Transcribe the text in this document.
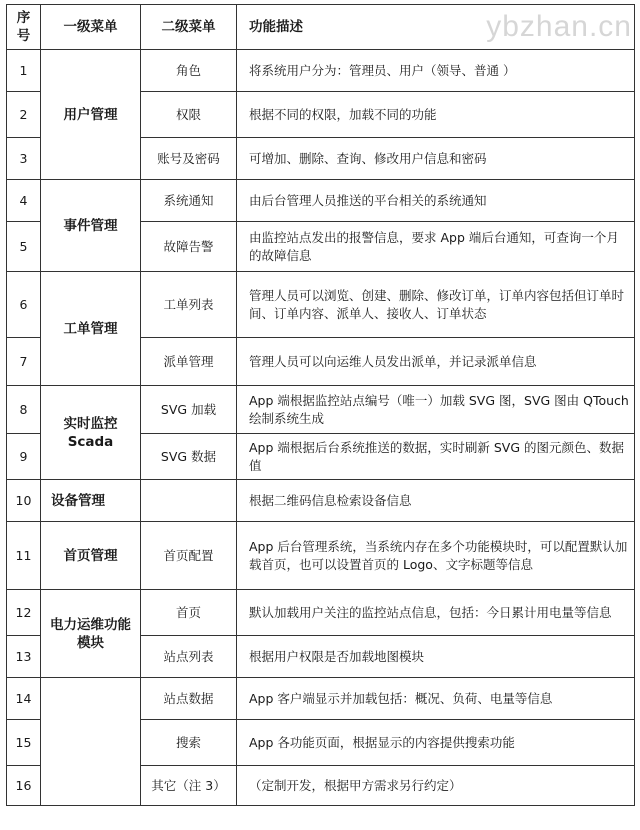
ybzhan.cn
序号	一级菜单	二级菜单	功能描述
1	用户管理	角色	将系统用户分为：管理员、用户（领导、普通 ）
2		权限	根据不同的权限，加载不同的功能
3		账号及密码	可增加、删除、查询、修改用户信息和密码
4	事件管理	系统通知	由后台管理人员推送的平台相关的系统通知
5		故障告警	由监控站点发出的报警信息，要求 App 端后台通知，可查询一个月的故障信息
6	工单管理	工单列表	管理人员可以浏览、创建、删除、修改订单，订单内容包括但订单时间、订单内容、派单人、接收人、订单状态
7		派单管理	管理人员可以向运维人员发出派单，并记录派单信息
8	实时监控 Scada	SVG 加载	App 端根据监控站点编号（唯一）加载 SVG 图，SVG 图由 QTouch 绘制系统生成
9		SVG 数据	App 端根据后台系统推送的数据，实时刷新 SVG 的图元颜色、数据值
10	设备管理		根据二维码信息检索设备信息
11	首页管理	首页配置	App 后台管理系统，当系统内存在多个功能模块时，可以配置默认加载首页，也可以设置首页的 Logo、文字标题等信息
12	电力运维功能模块	首页	默认加载用户关注的监控站点信息，包括：今日累计用电量等信息
13		站点列表	根据用户权限是否加载地图模块
14		站点数据	App 客户端显示并加载包括：概况、负荷、电量等信息
15		搜索	App 各功能页面，根据显示的内容提供搜索功能
16		其它（注 3）	（定制开发，根据甲方需求另行约定）
